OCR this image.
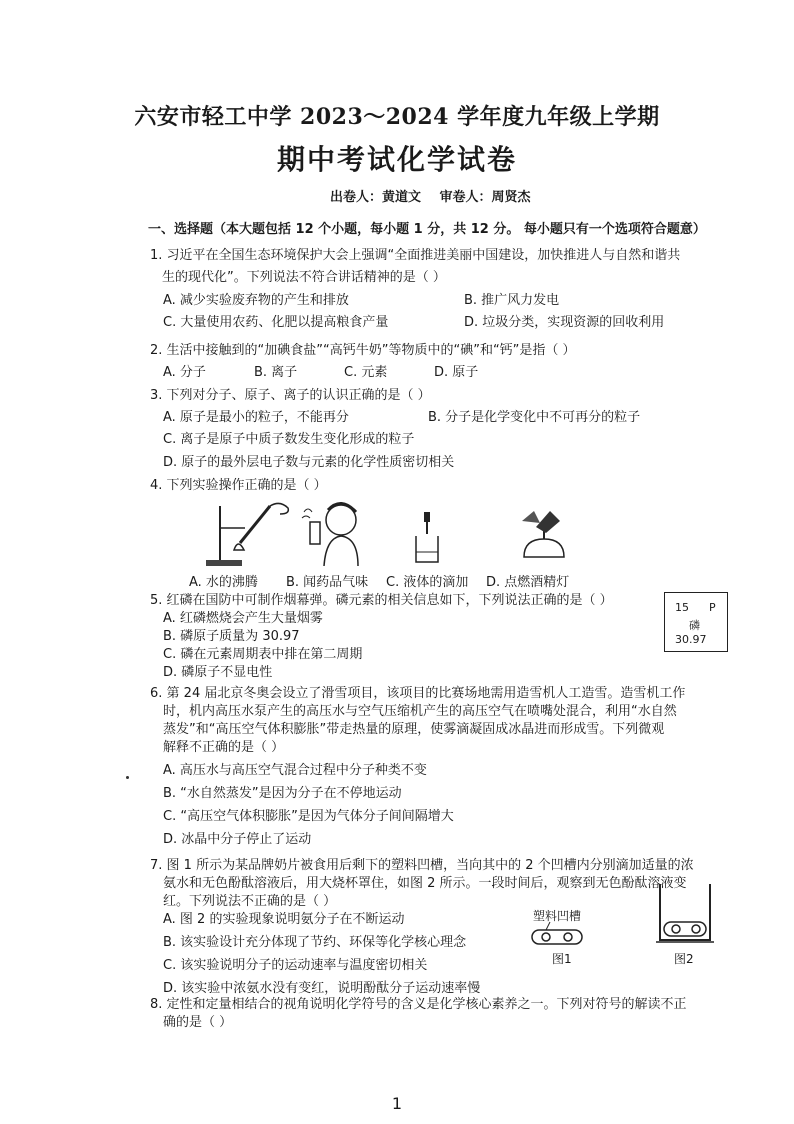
六安市轻工中学 2023～2024 学年度九年级上学期
期中考试化学试卷
出卷人：黄道文 审卷人：周贤杰
一、选择题（本大题包括 12 个小题，每小题 1 分，共 12 分。 每小题只有一个选项符合题意）
1. 习近平在全国生态环境保护大会上强调“全面推进美丽中国建设，加快推进人与自然和谐共
生的现代化”。下列说法不符合讲话精神的是（ ）
A. 减少实验废弃物的产生和排放	B. 推广风力发电
C. 大量使用农药、化肥以提高粮食产量	D. 垃圾分类，实现资源的回收利用
2. 生活中接触到的“加碘食盐”“高钙牛奶”等物质中的“碘”和“钙”是指（ ）
A. 分子	B. 离子	C. 元素	D. 原子
3. 下列对分子、原子、离子的认识正确的是（ ）
A. 原子是最小的粒子，不能再分	B. 分子是化学变化中不可再分的粒子
C. 离子是原子中质子数发生变化形成的粒子
D. 原子的最外层电子数与元素的化学性质密切相关
4. 下列实验操作正确的是（ ）
A. 水的沸腾 B. 闻药品气味 C. 液体的滴加 D. 点燃酒精灯
5. 红磷在国防中可制作烟幕弹。磷元素的相关信息如下，下列说法正确的是（ ）
A. 红磷燃烧会产生大量烟雾
B. 磷原子质量为 30.97
C. 磷在元素周期表中排在第二周期
D. 磷原子不显电性
15 P
磷
30.97
6. 第 24 届北京冬奥会设立了滑雪项目，该项目的比赛场地需用造雪机人工造雪。造雪机工作
时，机内高压水泵产生的高压水与空气压缩机产生的高压空气在喷嘴处混合，利用“水自然
蒸发”和“高压空气体积膨胀”带走热量的原理，使雾滴凝固成冰晶进而形成雪。下列微观
解释不正确的是（ ）
A. 高压水与高压空气混合过程中分子种类不变
B. “水自然蒸发”是因为分子在不停地运动
C. “高压空气体积膨胀”是因为气体分子间间隔增大
D. 冰晶中分子停止了运动
7. 图 1 所示为某品牌奶片被食用后剩下的塑料凹槽，当向其中的 2 个凹槽内分别滴加适量的浓
氨水和无色酚酞溶液后，用大烧杯罩住，如图 2 所示。一段时间后，观察到无色酚酞溶液变
红。下列说法不正确的是（ ）
A. 图 2 的实验现象说明氨分子在不断运动
B. 该实验设计充分体现了节约、环保等化学核心理念
C. 该实验说明分子的运动速率与温度密切相关
D. 该实验中浓氨水没有变红，说明酚酞分子运动速率慢
塑料凹槽
图1	图2
8. 定性和定量相结合的视角说明化学符号的含义是化学核心素养之一。下列对符号的解读不正
确的是（ ）
1
